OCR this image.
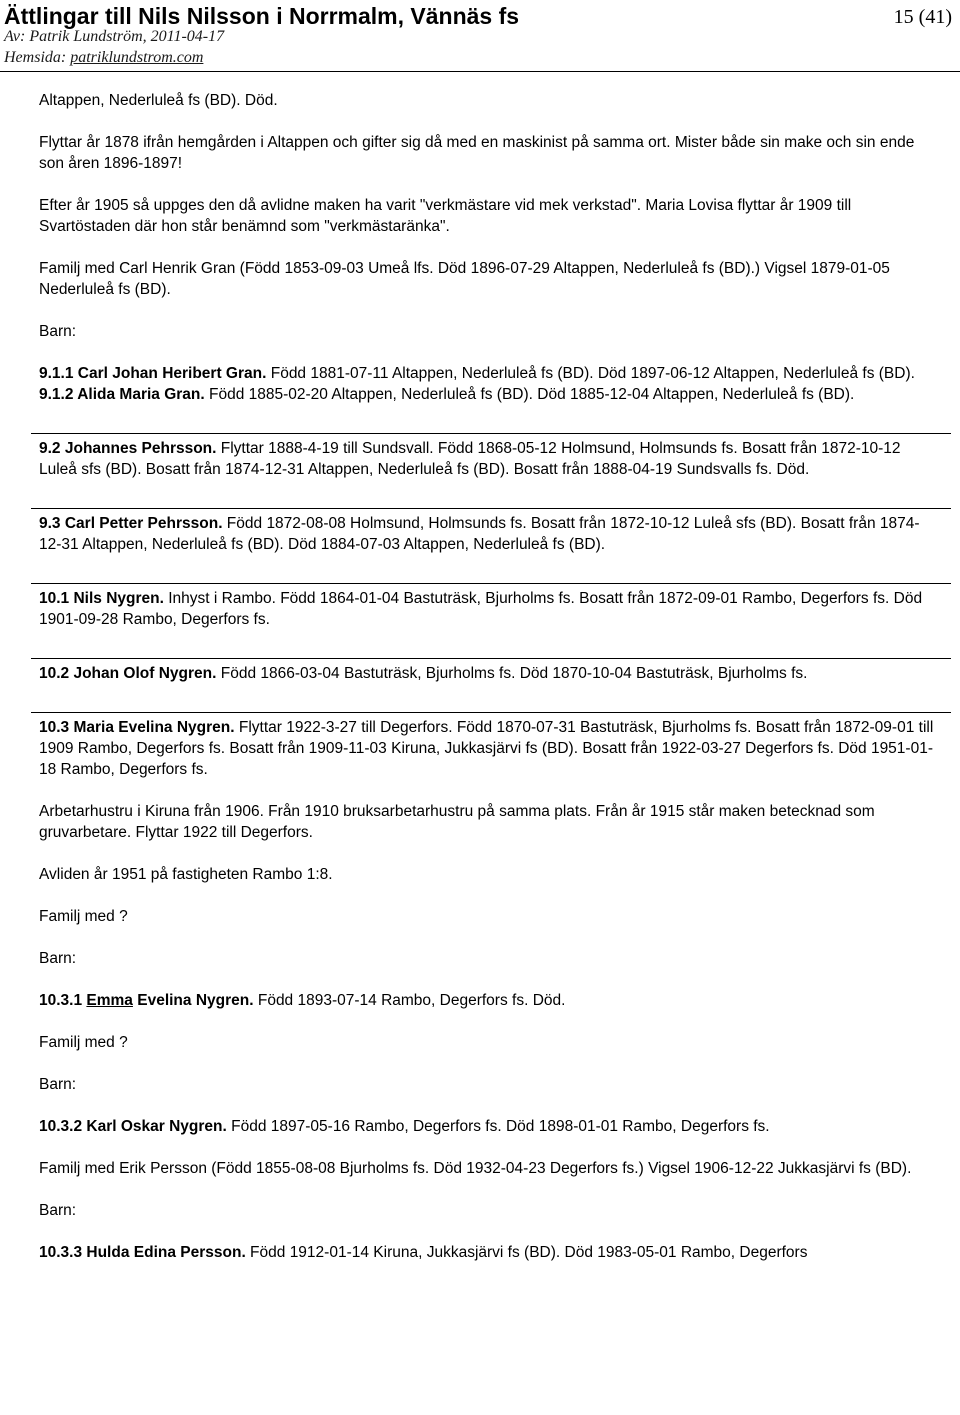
Ättlingar till Nils Nilsson i Norrmalm, Vännäs fs	15 (41)
Av: Patrik Lundström, 2011-04-17
Hemsida: patriklundstrom.com

Altappen, Nederluleå fs (BD). Död.

Flyttar år 1878 ifrån hemgården i Altappen och gifter sig då med en maskinist på samma ort. Mister både sin make och sin ende son åren 1896-1897!

Efter år 1905 så uppges den då avlidne maken ha varit "verkmästare vid mek verkstad". Maria Lovisa flyttar år 1909 till Svartöstaden där hon står benämnd som "verkmästaränka".

Familj med Carl Henrik Gran (Född 1853-09-03 Umeå lfs. Död 1896-07-29 Altappen, Nederluleå fs (BD).) Vigsel 1879-01-05 Nederluleå fs (BD).

Barn:

9.1.1 Carl Johan Heribert Gran. Född 1881-07-11 Altappen, Nederluleå fs (BD). Död 1897-06-12 Altappen, Nederluleå fs (BD).

9.1.2 Alida Maria Gran. Född 1885-02-20 Altappen, Nederluleå fs (BD). Död 1885-12-04 Altappen, Nederluleå fs (BD).

9.2 Johannes Pehrsson. Flyttar 1888-4-19 till Sundsvall. Född 1868-05-12 Holmsund, Holmsunds fs. Bosatt från 1872-10-12 Luleå sfs (BD). Bosatt från 1874-12-31 Altappen, Nederluleå fs (BD). Bosatt från 1888-04-19 Sundsvalls fs. Död.

9.3 Carl Petter Pehrsson. Född 1872-08-08 Holmsund, Holmsunds fs. Bosatt från 1872-10-12 Luleå sfs (BD). Bosatt från 1874-12-31 Altappen, Nederluleå fs (BD). Död 1884-07-03 Altappen, Nederluleå fs (BD).

10.1 Nils Nygren. Inhyst i Rambo. Född 1864-01-04 Bastuträsk, Bjurholms fs. Bosatt från 1872-09-01 Rambo, Degerfors fs. Död 1901-09-28 Rambo, Degerfors fs.

10.2 Johan Olof Nygren. Född 1866-03-04 Bastuträsk, Bjurholms fs. Död 1870-10-04 Bastuträsk, Bjurholms fs.

10.3 Maria Evelina Nygren. Flyttar 1922-3-27 till Degerfors. Född 1870-07-31 Bastuträsk, Bjurholms fs. Bosatt från 1872-09-01 till 1909 Rambo, Degerfors fs. Bosatt från 1909-11-03 Kiruna, Jukkasjärvi fs (BD). Bosatt från 1922-03-27 Degerfors fs. Död 1951-01-18 Rambo, Degerfors fs.

Arbetarhustru i Kiruna från 1906. Från 1910 bruksarbetarhustru på samma plats. Från år 1915 står maken betecknad som gruvarbetare. Flyttar 1922 till Degerfors.

Avliden år 1951 på fastigheten Rambo 1:8.

Familj med ?

Barn:

10.3.1 Emma Evelina Nygren. Född 1893-07-14 Rambo, Degerfors fs. Död.

Familj med ?

Barn:

10.3.2 Karl Oskar Nygren. Född 1897-05-16 Rambo, Degerfors fs. Död 1898-01-01 Rambo, Degerfors fs.

Familj med Erik Persson (Född 1855-08-08 Bjurholms fs. Död 1932-04-23 Degerfors fs.) Vigsel 1906-12-22 Jukkasjärvi fs (BD).

Barn:

10.3.3 Hulda Edina Persson. Född 1912-01-14 Kiruna, Jukkasjärvi fs (BD). Död 1983-05-01 Rambo, Degerfors
